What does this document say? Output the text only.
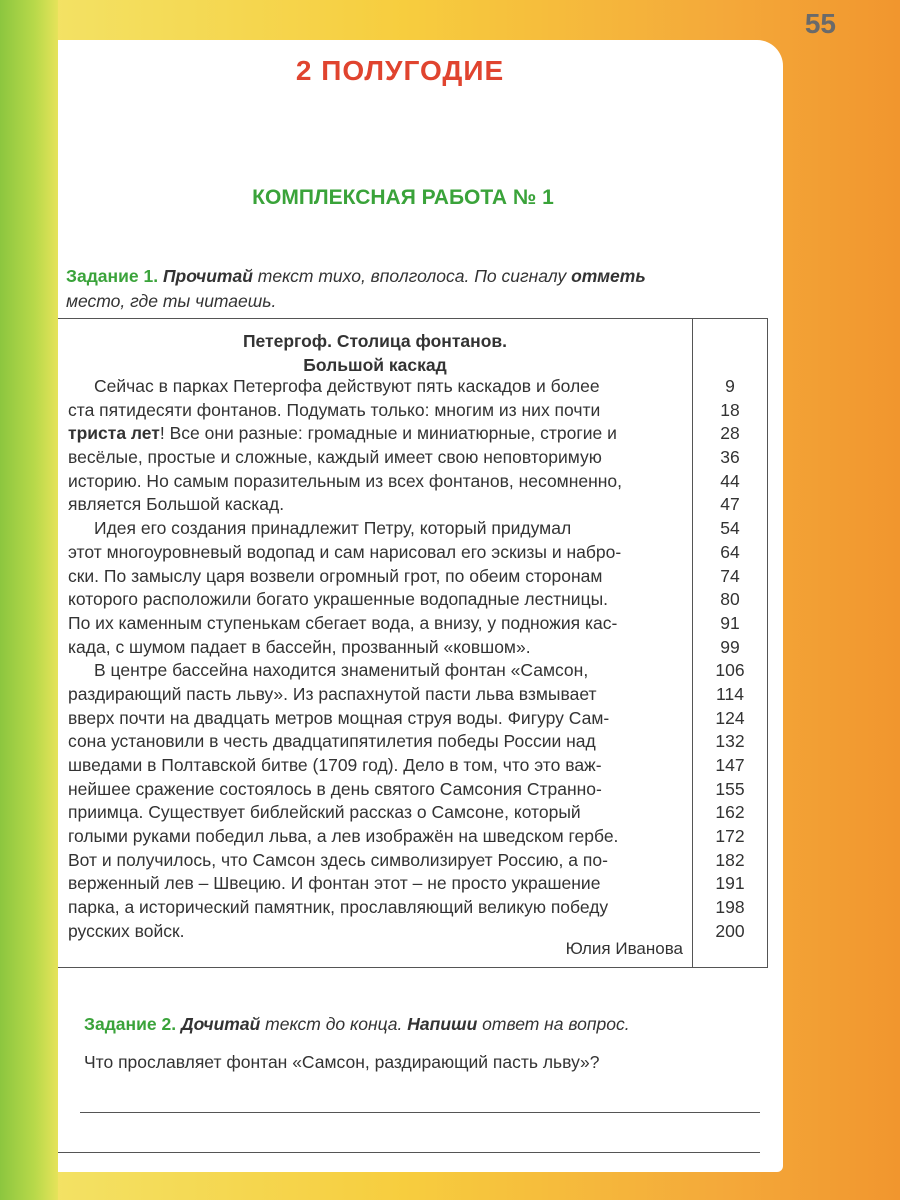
55
2 ПОЛУГОДИЕ
КОМПЛЕКСНАЯ РАБОТА № 1
Задание 1. Прочитай текст тихо, вполголоса. По сигналу отметь
место, где ты читаешь.
Петергоф. Столица фонтанов.
Большой каскад
Сейчас в парках Петергофа действуют пять каскадов и более
ста пятидесяти фонтанов. Подумать только: многим из них почти
триста лет! Все они разные: громадные и миниатюрные, строгие и
весёлые, простые и сложные, каждый имеет свою неповторимую
историю. Но самым поразительным из всех фонтанов, несомненно,
является Большой каскад.
Идея его создания принадлежит Петру, который придумал
этот многоуровневый водопад и сам нарисовал его эскизы и набро-
ски. По замыслу царя возвели огромный грот, по обеим сторонам
которого расположили богато украшенные водопадные лестницы.
По их каменным ступенькам сбегает вода, а внизу, у подножия кас-
када, с шумом падает в бассейн, прозванный «ковшом».
В центре бассейна находится знаменитый фонтан «Самсон,
раздирающий пасть льву». Из распахнутой пасти льва взмывает
вверх почти на двадцать метров мощная струя воды. Фигуру Сам-
сона установили в честь двадцатипятилетия победы России над
шведами в Полтавской битве (1709 год). Дело в том, что это важ-
нейшее сражение состоялось в день святого Самсония Странно-
приимца. Существует библейский рассказ о Самсоне, который
голыми руками победил льва, а лев изображён на шведском гербе.
Вот и получилось, что Самсон здесь символизирует Россию, а по-
верженный лев – Швецию. И фонтан этот – не просто украшение
парка, а исторический памятник, прославляющий великую победу
русских войск.
9
18
28
36
44
47
54
64
74
80
91
99
106
114
124
132
147
155
162
172
182
191
198
200
Юлия Иванова
Задание 2. Дочитай текст до конца. Напиши ответ на вопрос.
Что прославляет фонтан «Самсон, раздирающий пасть льву»?
